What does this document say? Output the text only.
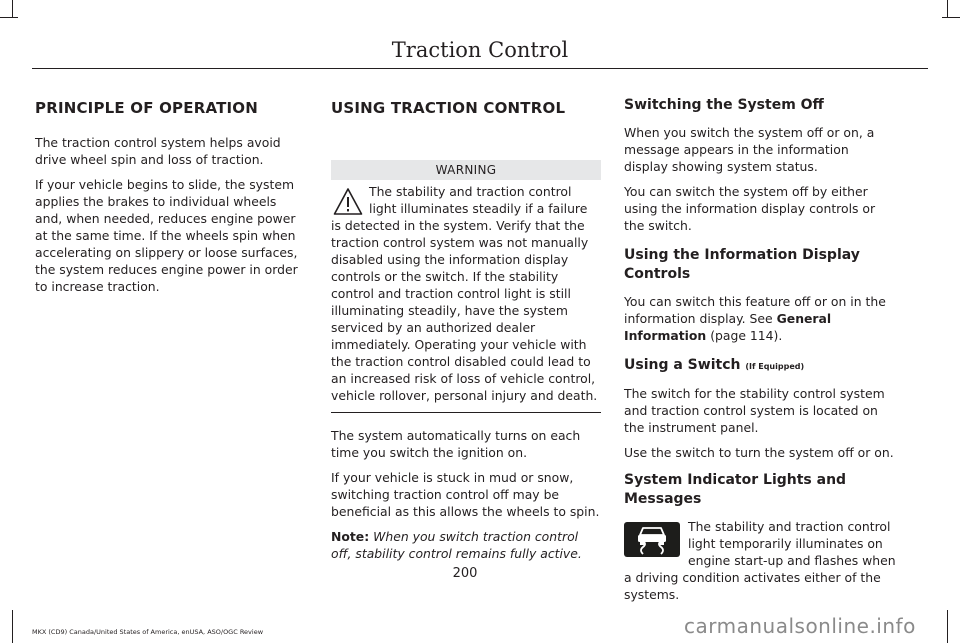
Traction Control
PRINCIPLE OF OPERATION

The traction control system helps avoid drive wheel spin and loss of traction.

If your vehicle begins to slide, the system applies the brakes to individual wheels and, when needed, reduces engine power at the same time. If the wheels spin when accelerating on slippery or loose surfaces, the system reduces engine power in order to increase traction.

USING TRACTION CONTROL
WARNING

The stability and traction control light illuminates steadily if a failure is detected in the system. Verify that the traction control system was not manually disabled using the information display controls or the switch. If the stability control and traction control light is still illuminating steadily, have the system serviced by an authorized dealer immediately. Operating your vehicle with the traction control disabled could lead to an increased risk of loss of vehicle control, vehicle rollover, personal injury and death.

The system automatically turns on each time you switch the ignition on.

If your vehicle is stuck in mud or snow, switching traction control off may be beneficial as this allows the wheels to spin.

Note: When you switch traction control off, stability control remains fully active.

Switching the System Off

When you switch the system off or on, a message appears in the information display showing system status.

You can switch the system off by either using the information display controls or the switch.

Using the Information Display Controls

You can switch this feature off or on in the information display. See General Information (page 114).

Using a Switch (If Equipped)

The switch for the stability control system and traction control system is located on the instrument panel.

Use the switch to turn the system off or on.

System Indicator Lights and Messages

The stability and traction control light temporarily illuminates on engine start-up and flashes when a driving condition activates either of the systems.

200
MKX (CD9) Canada/United States of America, enUSA, ASO/OGC Review	carmanualsonline.info
